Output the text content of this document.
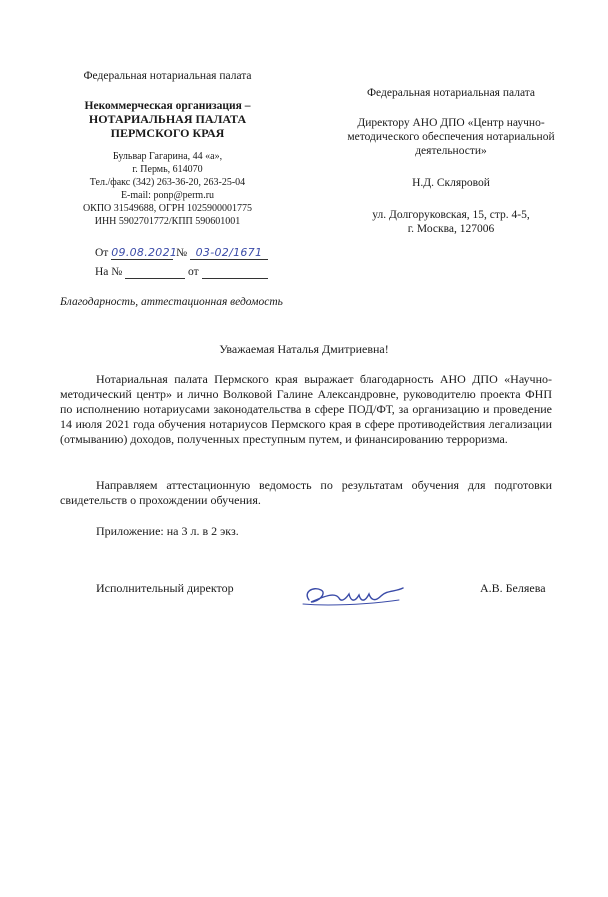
Федеральная нотариальная палата
Некоммерческая организация –
НОТАРИАЛЬНАЯ ПАЛАТА
ПЕРМСКОГО КРАЯ
Бульвар Гагарина, 44 «а»,
г. Пермь, 614070
Тел./факс (342) 263-36-20, 263-25-04
E-mail: ponp@perm.ru
ОКПО 31549688, ОГРН 1025900001775
ИНН 5902701772/КПП 590601001
От 09.08.2021 № 03-02/1671
На №	от
Благодарность, аттестационная ведомость
Федеральная нотариальная палата
Директору АНО ДПО «Центр научно-
методического обеспечения нотариальной
деятельности»
Н.Д. Скляровой
ул. Долгоруковская, 15, стр. 4-5,
г. Москва, 127006
Уважаемая Наталья Дмитриевна!
Нотариальная палата Пермского края выражает благодарность АНО ДПО «Научно-методический центр» и лично Волковой Галине Александровне, руководителю проекта ФНП по исполнению нотариусами законодательства в сфере ПОД/ФТ, за организацию и проведение 14 июля 2021 года обучения нотариусов Пермского края в сфере противодействия легализации (отмыванию) доходов, полученных преступным путем, и финансированию терроризма.
Направляем аттестационную ведомость по результатам обучения для подготовки свидетельств о прохождении обучения.
Приложение: на 3 л. в 2 экз.
Исполнительный директор	А.В. Беляева
